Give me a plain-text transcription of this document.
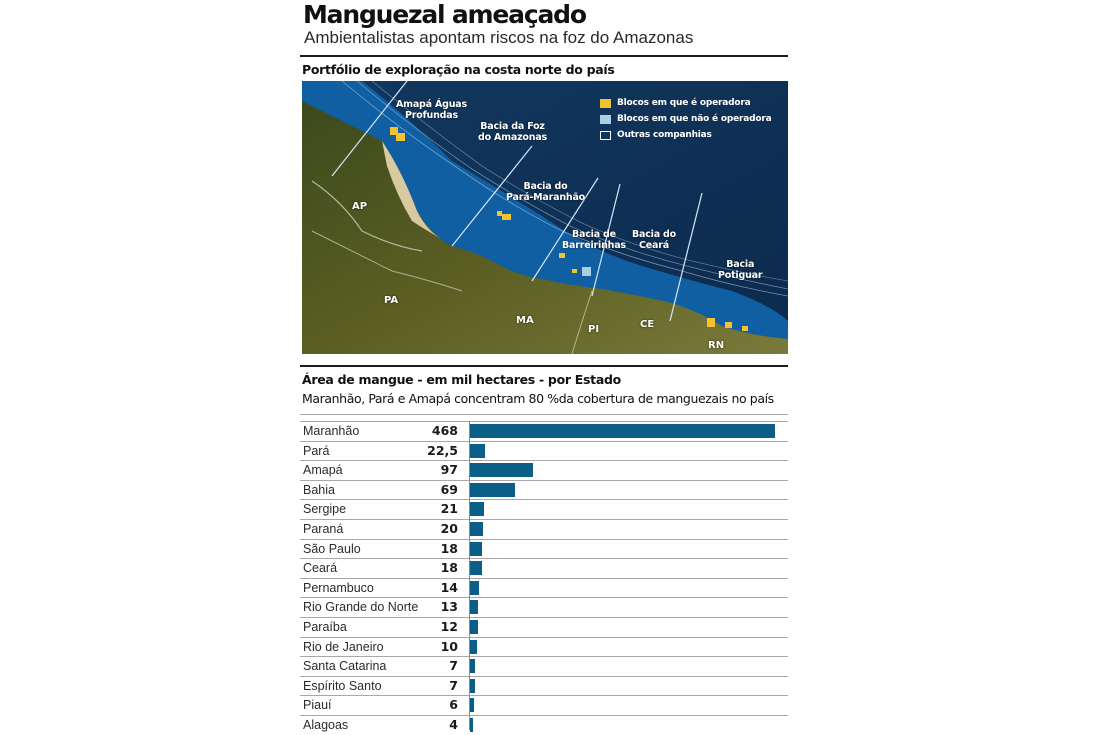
Manguezal ameaçado
Ambientalistas apontam riscos na foz do Amazonas
Portfólio de exploração na costa norte do país
Blocos em que é operadora
Blocos em que não é operadora
Outras companhias
Amapá Águas
Profundas
Bacia da Foz
do Amazonas
Bacia do
Pará-Maranhão
Bacia de
Barreirinhas
Bacia do
Ceará
Bacia
Potiguar
AP
PA
MA
PI	CE
RN
Área de mangue - em mil hectares - por Estado
Maranhão, Pará e Amapá concentram 80 %da cobertura de manguezais no país
Maranhão	468
Pará	22,5
Amapá	97
Bahia	69
Sergipe	21
Paraná	20
São Paulo	18
Ceará	18
Pernambuco	14
Rio Grande do Norte 13
Paraíba	12
Rio de Janeiro	10
Santa Catarina	7
Espírito Santo	7
Piauí	6
Alagoas	4
